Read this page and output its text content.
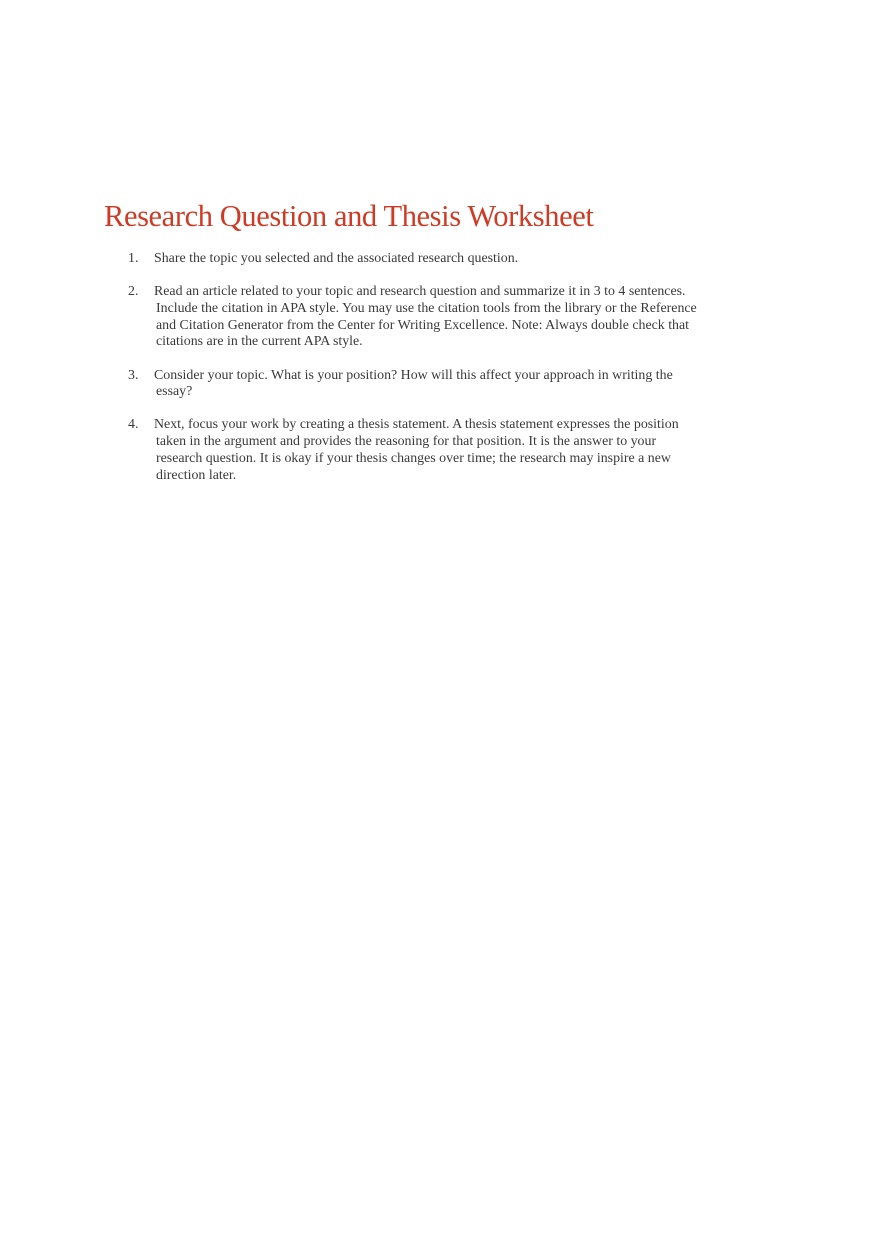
Research Question and Thesis Worksheet
1.	Share the topic you selected and the associated research question.
2.	Read an article related to your topic and research question and summarize it in 3 to 4 sentences.
Include the citation in APA style. You may use the citation tools from the library or the Reference
and Citation Generator from the Center for Writing Excellence. Note: Always double check that
citations are in the current APA style.
3.	Consider your topic. What is your position? How will this affect your approach in writing the
essay?
4.	Next, focus your work by creating a thesis statement. A thesis statement expresses the position
taken in the argument and provides the reasoning for that position. It is the answer to your
research question. It is okay if your thesis changes over time; the research may inspire a new
direction later.
